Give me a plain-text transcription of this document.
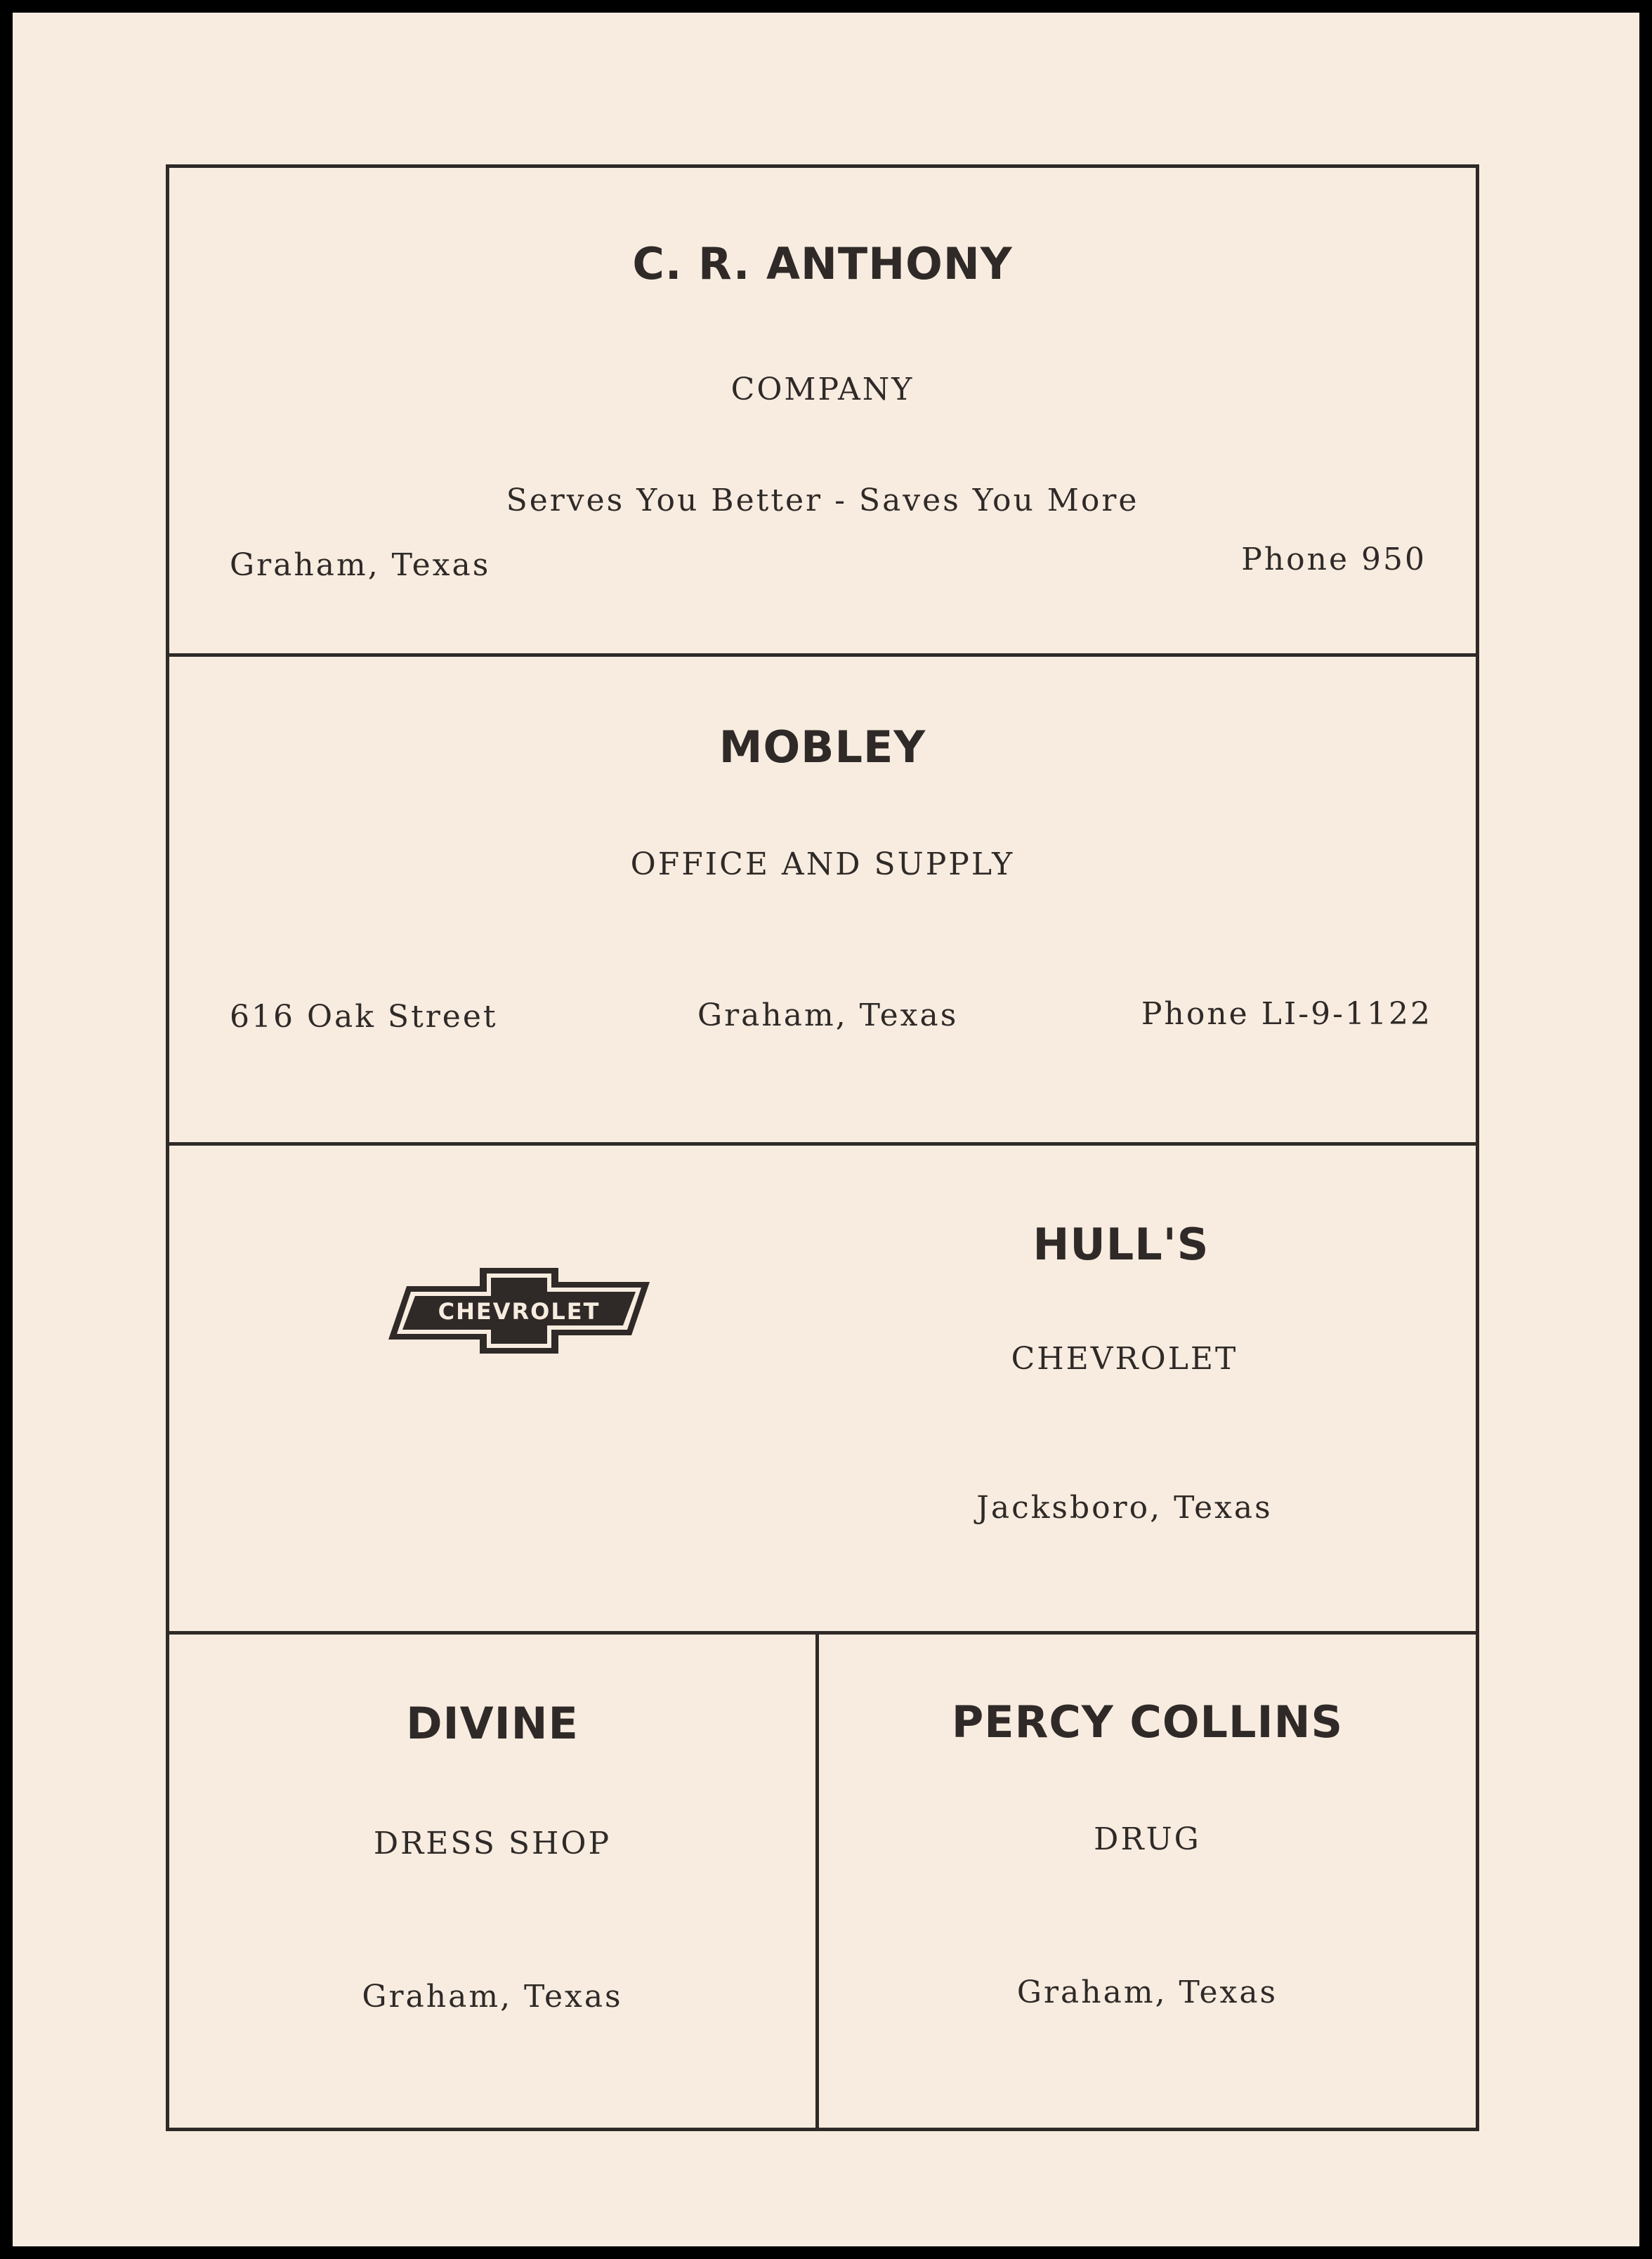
C. R. ANTHONY
COMPANY
Serves You Better - Saves You More
Graham, Texas	Phone 950
MOBLEY
OFFICE AND SUPPLY
616 Oak Street	Graham, Texas	Phone LI-9-1122
CHEVROLET
HULL'S
CHEVROLET
Jacksboro, Texas
DIVINE
DRESS SHOP
Graham, Texas
PERCY COLLINS
DRUG
Graham, Texas
